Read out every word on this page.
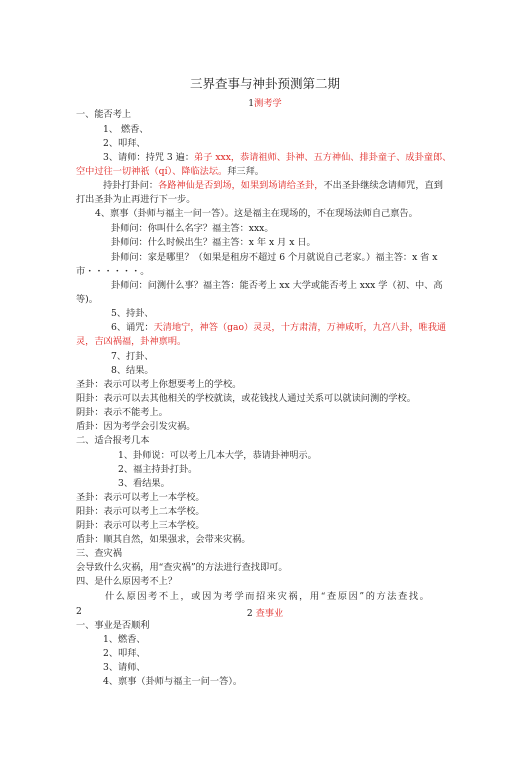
三界查事与神卦预测第二期
1测考学
一、能否考上
1、 燃香、
2、叩拜、
3、请师：持咒 3 遍：弟子 xxx，恭请祖师、卦神、五方神仙、排卦童子、成卦童郎、
空中过往一切神祇（qí）、降临法坛。拜三拜。
持卦打卦问：各路神仙是否到场，如果到场请给圣卦，不出圣卦继续念请师咒，直到
打出圣卦为止再进行下一步。
4、禀事（卦师与福主一问一答）。这是福主在现场的，不在现场法师自己禀告。
卦师问：你叫什么名字？福主答：xxx。
卦师问：什么时候出生？福主答：x 年 x 月 x 日。
卦师问：家是哪里？（如果是租房不超过 6 个月就说自己老家。）福主答：x 省 x
市・・・・・・。
卦师问：问测什么事？福主答：能否考上 xx 大学或能否考上 xxx 学（初、中、高
等)。
5、持卦、
6、诵咒：天清地宁，神答（gao）灵灵，十方肃清，万神咸听，九宫八卦，唯我通
灵，吉凶祸福，卦神禀明。
7、打卦、
8、结果。
圣卦：表示可以考上你想要考上的学校。
阳卦：表示可以去其他相关的学校就读，或花钱找人通过关系可以就读问测的学校。
阴卦：表示不能考上。
盾卦：因为考学会引发灾祸。
二、适合报考几本
1、卦师说：可以考上几本大学，恭请卦神明示。
2、福主持卦打卦。
3、看结果。
圣卦：表示可以考上一本学校。
阳卦：表示可以考上二本学校。
阴卦：表示可以考上三本学校。
盾卦：顺其自然，如果强求，会带来灾祸。
三、查灾祸
会导致什么灾祸，用“查灾祸”的方法进行查找即可。
四、是什么原因考不上？
什么原因考不上，或因为考学而招来灾祸，用“查原因”的方法查找。
2	2 查事业
一、事业是否顺利
1、燃香、
2、叩拜、
3、请师、
4、禀事（卦师与福主一问一答）。
